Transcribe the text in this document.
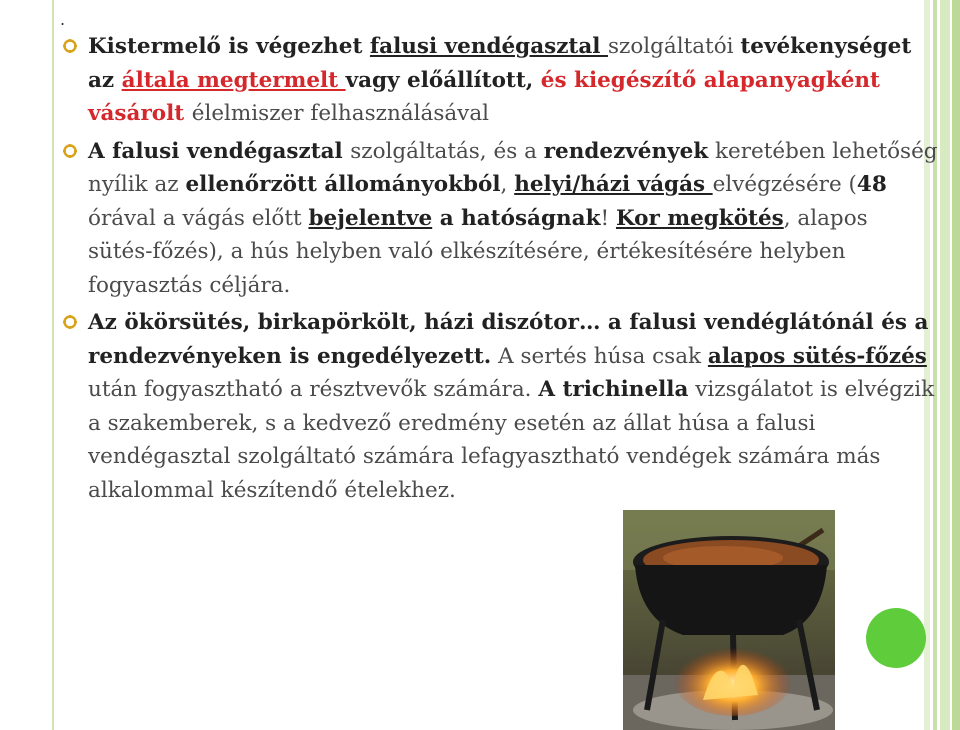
.
Kistermelő is végezhet falusi vendégasztal szolgáltatói tevékenységet az általa megtermelt vagy előállított, és kiegészítő alapanyagként vásárolt élelmiszer felhasználásával
A falusi vendégasztal szolgáltatás, és a rendezvények keretében lehetőség nyílik az ellenőrzött állományokból, helyi/házi vágás elvégzésére (48 órával a vágás előtt bejelentve a hatóságnak! Kor megkötés, alapos sütés-főzés), a hús helyben való elkészítésére, értékesítésére helyben fogyasztás céljára.
Az ökörsütés, birkapörkölt, házi diszótor… a falusi vendéglátónál és a rendezvényeken is engedélyezett. A sertés húsa csak alapos sütés-főzés után fogyasztható a résztvevők számára. A trichinella vizsgálatot is elvégzik a szakemberek, s a kedvező eredmény esetén az állat húsa a falusi vendégasztal szolgáltató számára lefagyasztható vendégek számára más alkalommal készítendő ételekhez.
